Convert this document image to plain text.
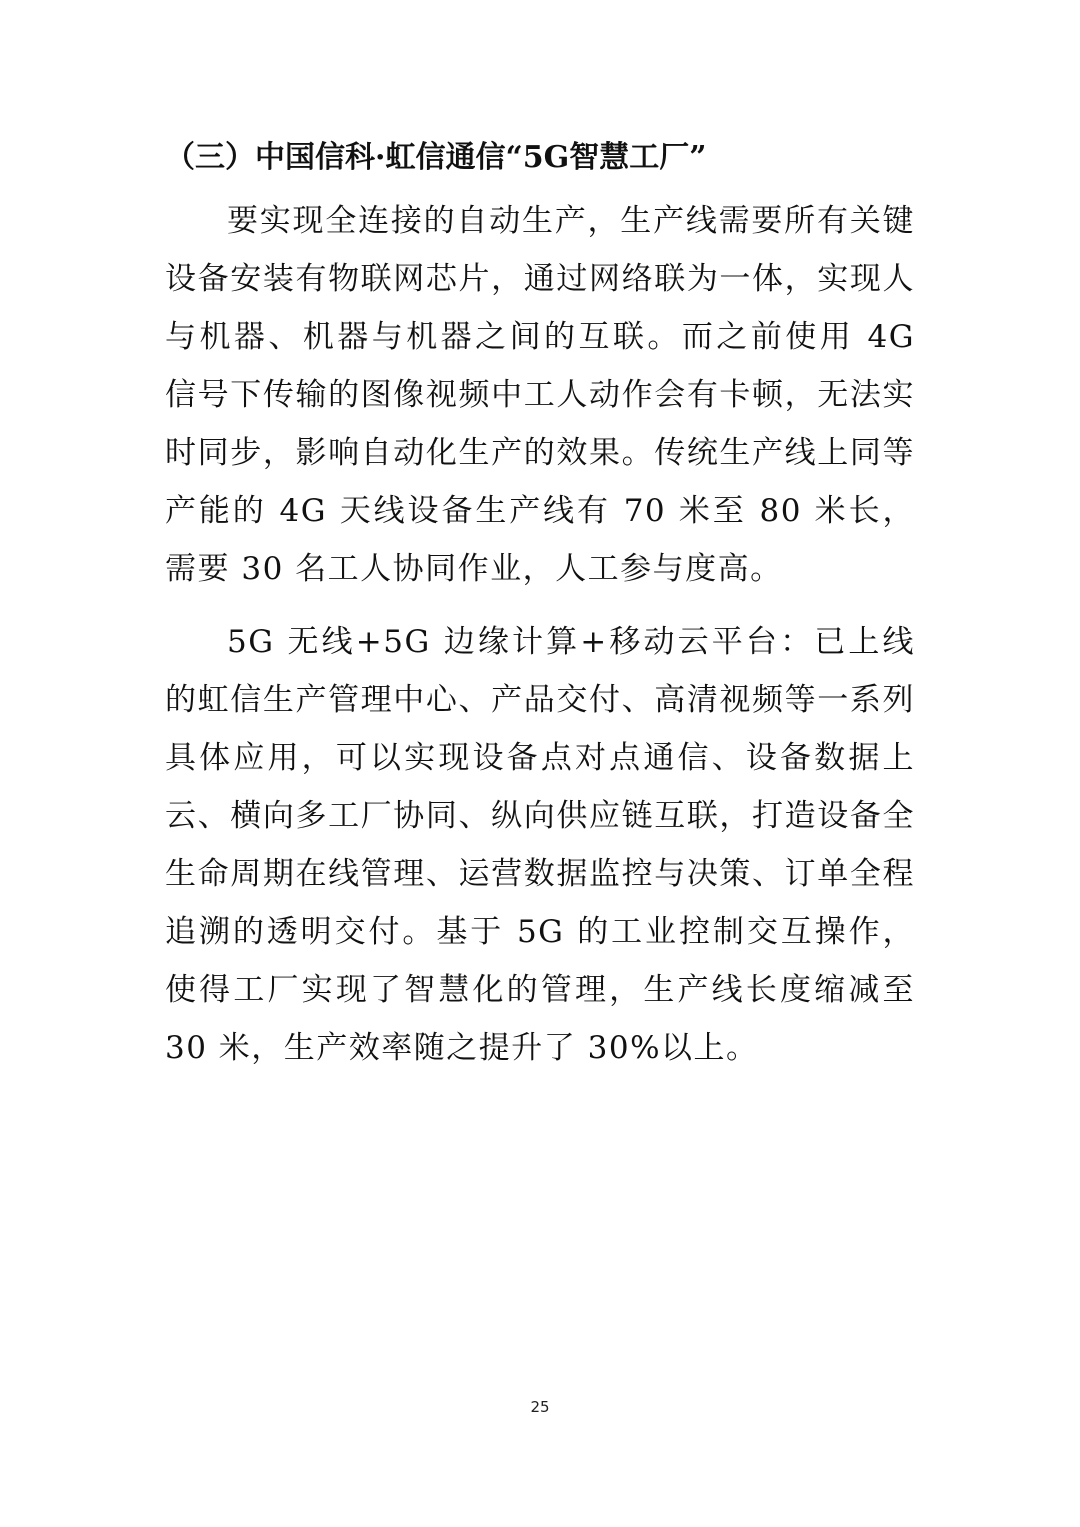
（三）中国信科·虹信通信“5G智慧工厂”

要实现全连接的自动生产，生产线需要所有关键设备安装有物联网芯片，通过网络联为一体，实现人与机器、机器与机器之间的互联。而之前使用 4G 信号下传输的图像视频中工人动作会有卡顿，无法实时同步，影响自动化生产的效果。传统生产线上同等产能的 4G 天线设备生产线有 70 米至 80 米长，需要 30 名工人协同作业，人工参与度高。

5G 无线+5G 边缘计算+移动云平台：已上线的虹信生产管理中心、产品交付、高清视频等一系列具体应用，可以实现设备点对点通信、设备数据上云、横向多工厂协同、纵向供应链互联，打造设备全生命周期在线管理、运营数据监控与决策、订单全程追溯的透明交付。基于 5G 的工业控制交互操作，使得工厂实现了智慧化的管理，生产线长度缩减至 30 米，生产效率随之提升了 30%以上。

25
